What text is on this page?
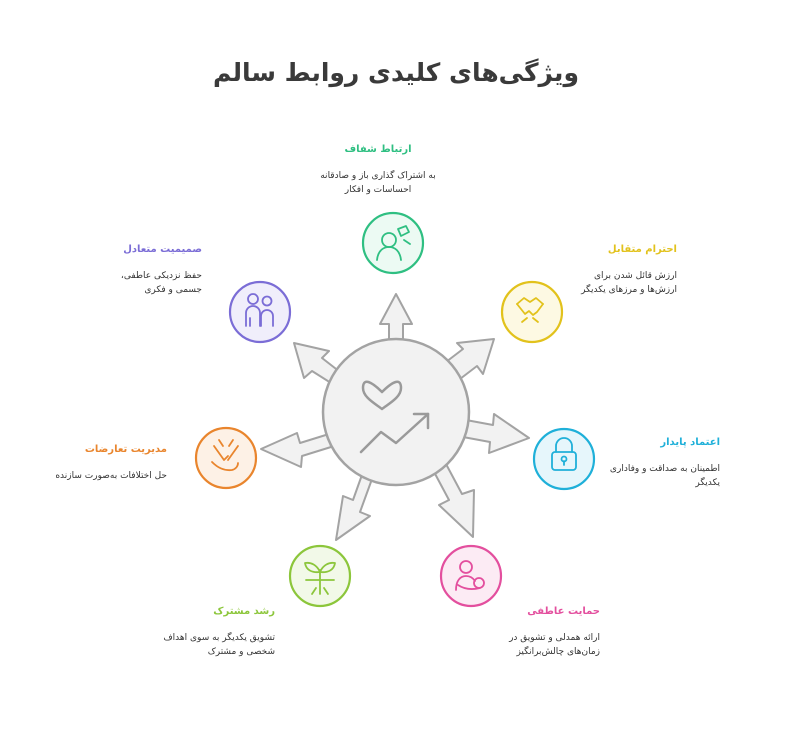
ویژگی‌های کلیدی روابط سالم
ارتباط شفاف
به اشتراک گذاری باز و صادقانه احساسات و افکار
احترام متقابل
ارزش قائل شدن برای ارزش‌ها و مرزهای یکدیگر
اعتماد پایدار
اطمینان به صداقت و وفاداری یکدیگر
حمایت عاطفی
ارائه همدلی و تشویق در زمان‌های چالش‌برانگیز
رشد مشترک
تشویق یکدیگر به سوی اهداف شخصی و مشترک
مدیریت تعارضات
حل اختلافات به‌صورت سازنده
صمیمیت متعادل
حفظ نزدیکی عاطفی، جسمی و فکری
